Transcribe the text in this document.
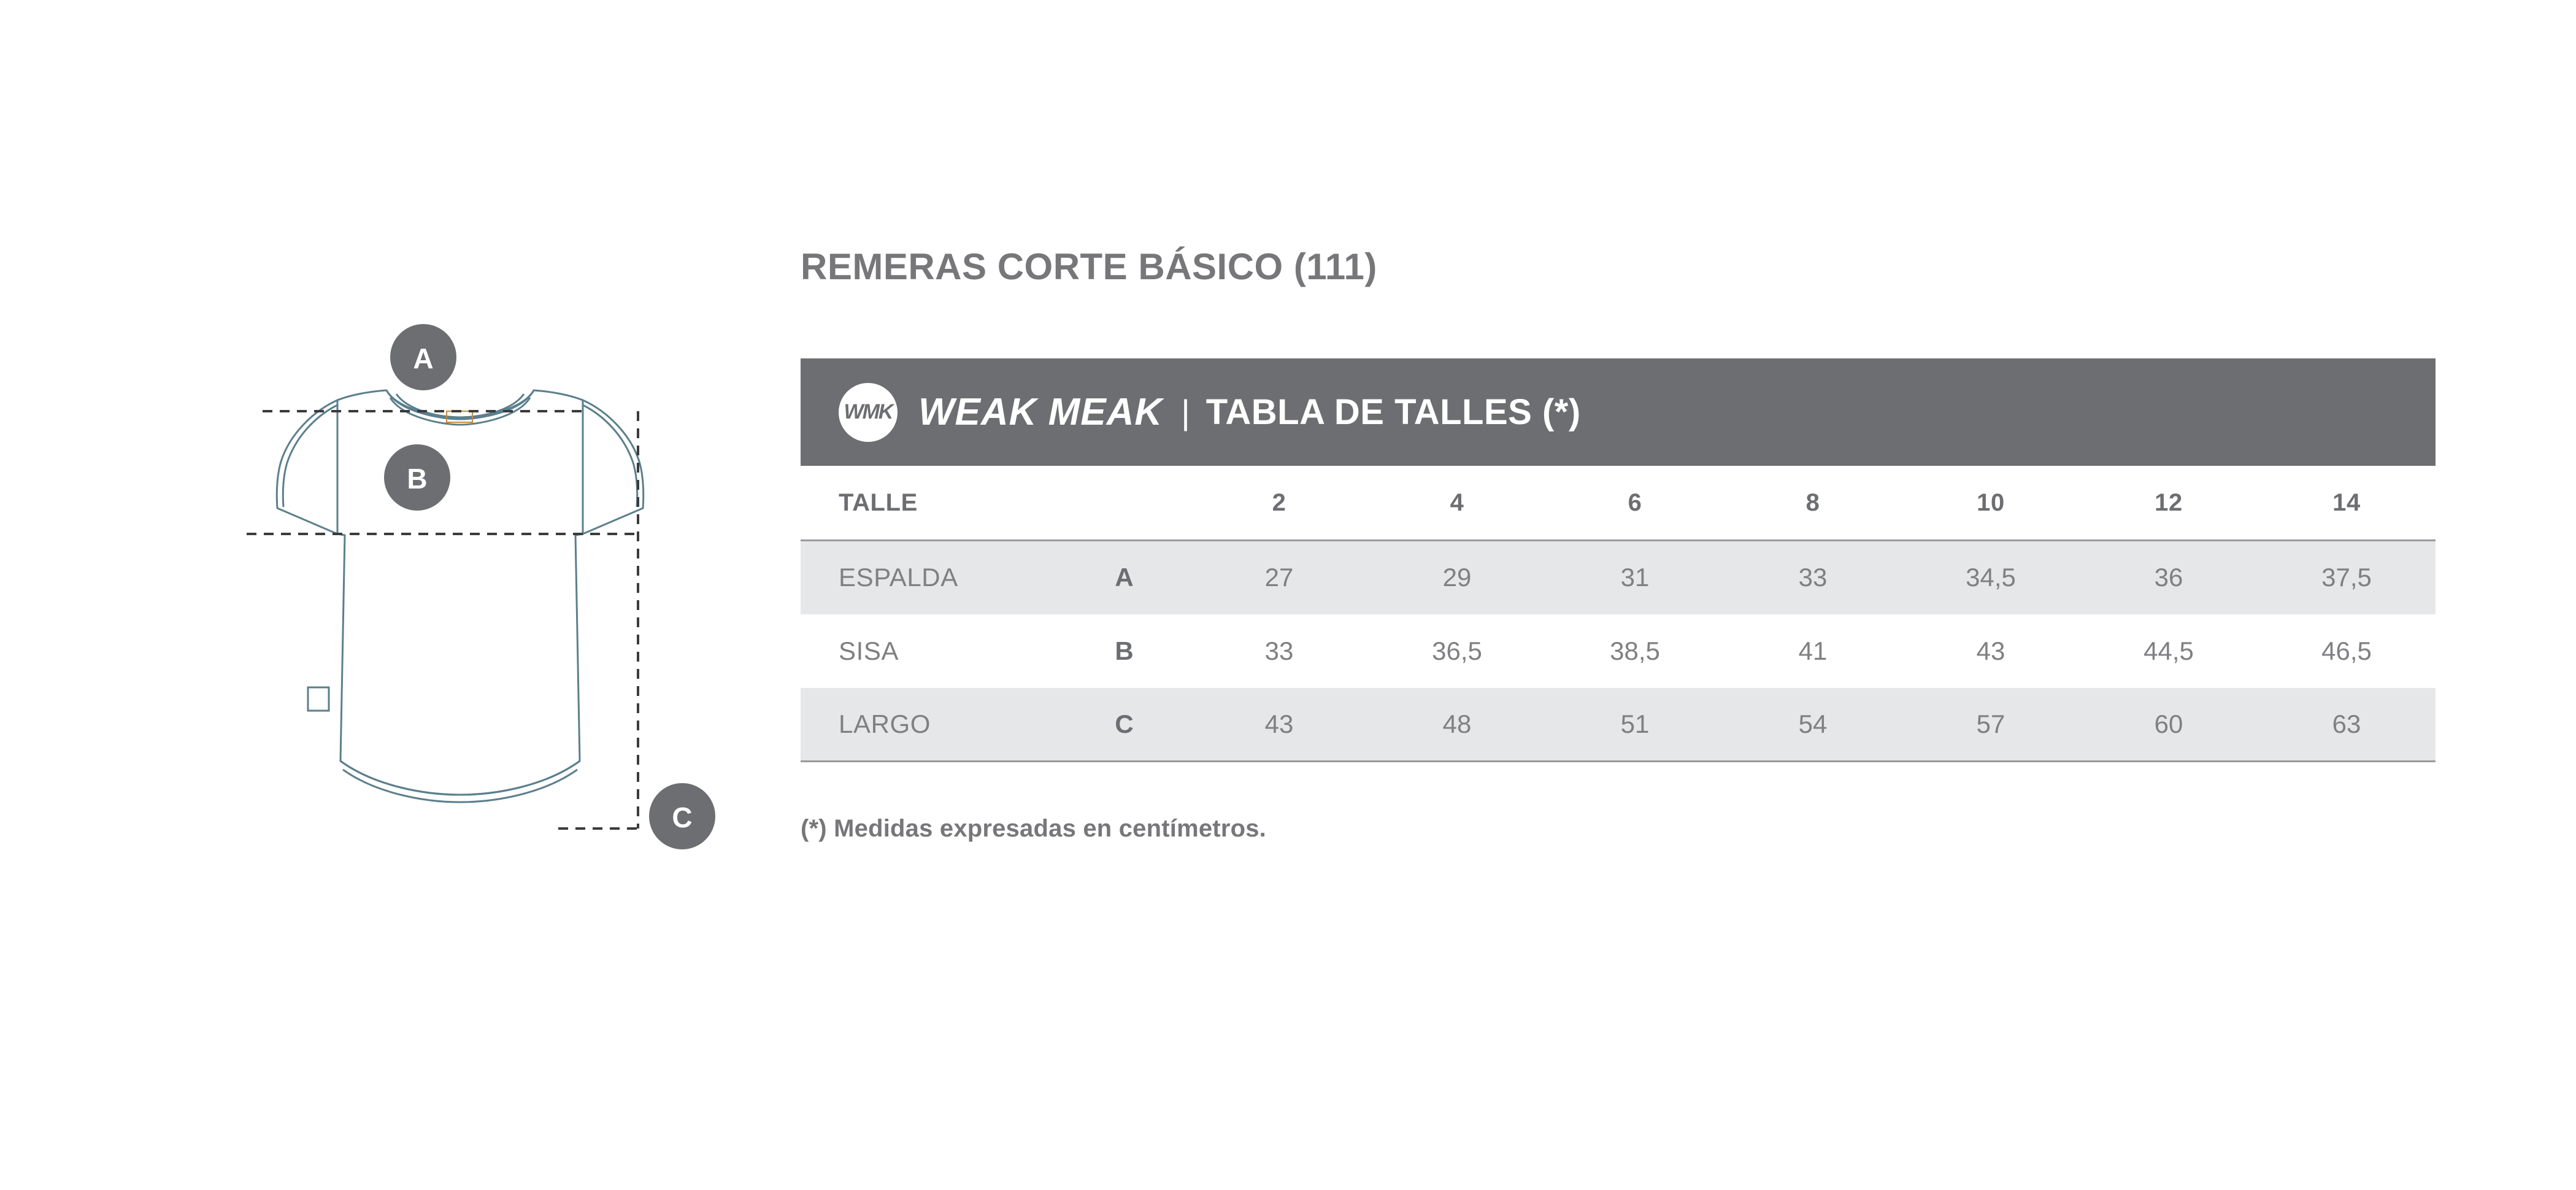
A
B
C
REMERAS CORTE BÁSICO (111)
WMK WEAK MEAK | TABLA DE TALLES (*)								

TALLE		2	4	6	8	10	12	14
ESPALDA	A	27	29	31	33	34,5	36	37,5
SISA	B	33	36,5	38,5	41	43	44,5	46,5
LARGO	C	43	48	51	54	57	60	63
(*) Medidas expresadas en centímetros.
